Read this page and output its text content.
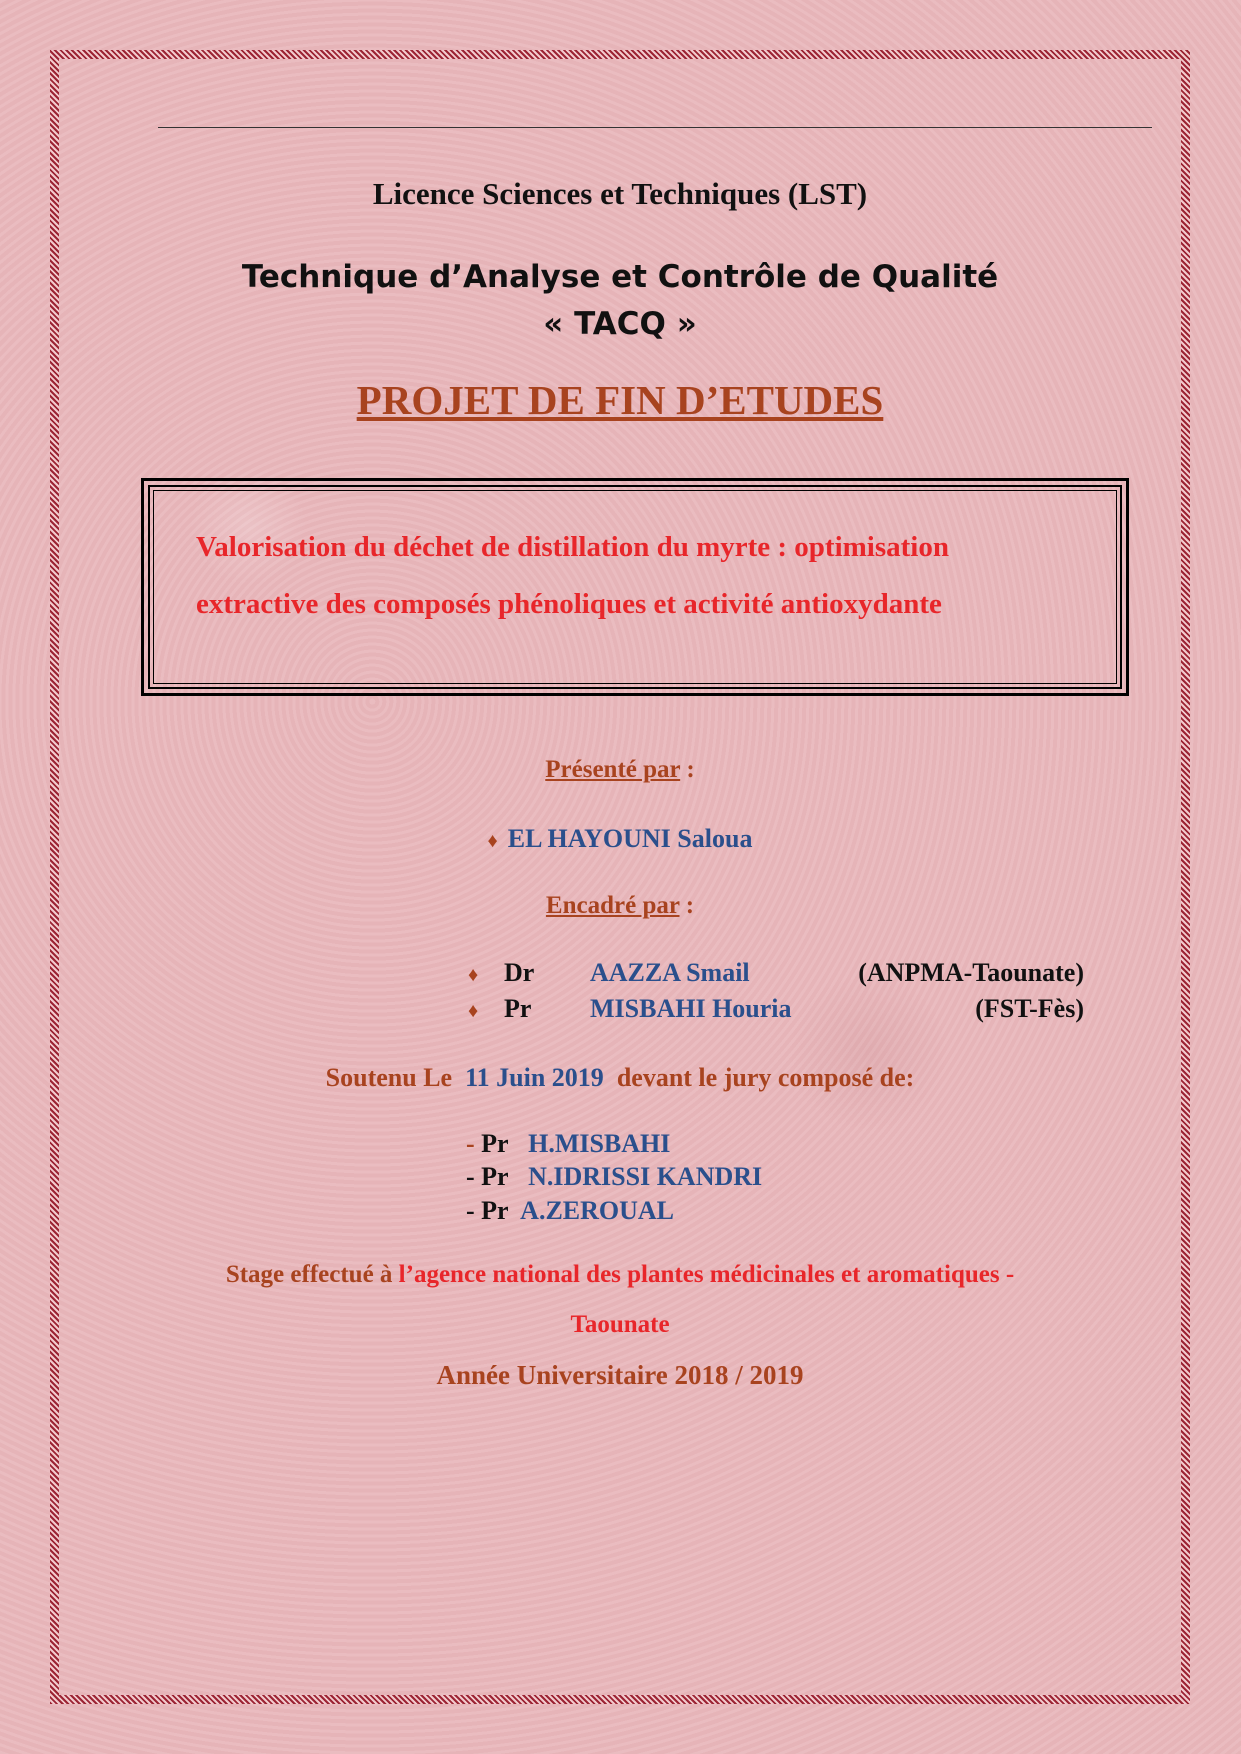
Licence Sciences et Techniques (LST)
Technique d’Analyse et Contrôle de Qualité
« TACQ »
PROJET DE FIN D’ETUDES
Valorisation du déchet de distillation du myrte : optimisation
extractive des composés phénoliques et activité antioxydante
Présenté par :
♦ EL HAYOUNI Saloua
Encadré par :
♦ Dr AAZZA Smail	(ANPMA-Taounate)
♦ Pr MISBAHI Houria	(FST-Fès)
Soutenu Le 11 Juin 2019 devant le jury composé de:
- Pr H.MISBAHI
- Pr N.IDRISSI KANDRI
- Pr A.ZEROUAL
Stage effectué à l’agence national des plantes médicinales et aromatiques -
Taounate
Année Universitaire 2018 / 2019
